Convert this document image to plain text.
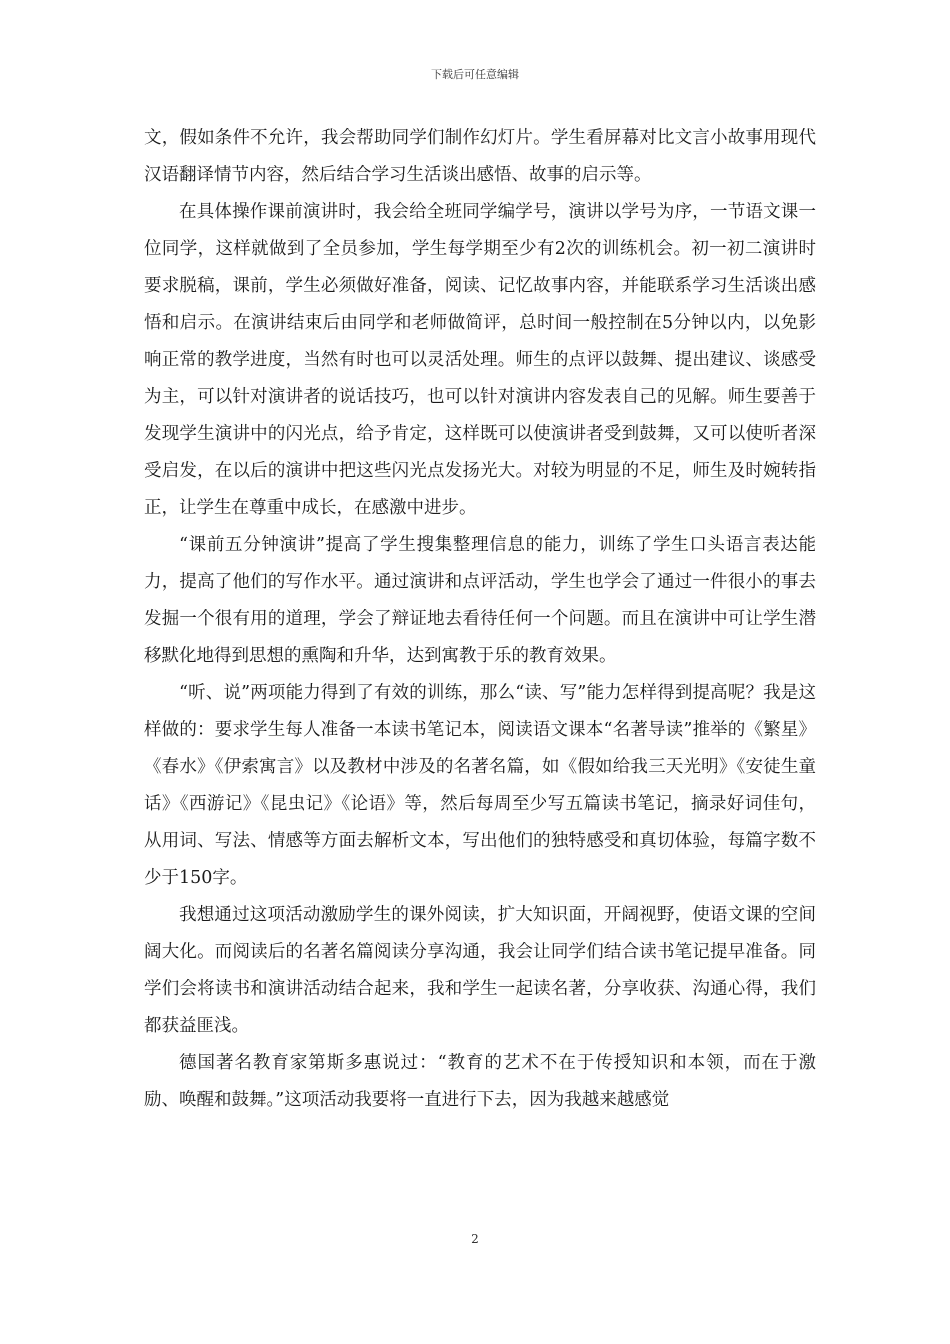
下载后可任意编辑

文，假如条件不允许，我会帮助同学们制作幻灯片。学生看屏幕对比文言小故事用现代汉语翻译情节内容，然后结合学习生活谈出感悟、故事的启示等。

在具体操作课前演讲时，我会给全班同学编学号，演讲以学号为序，一节语文课一位同学，这样就做到了全员参加，学生每学期至少有2次的训练机会。初一初二演讲时要求脱稿，课前，学生必须做好准备，阅读、记忆故事内容，并能联系学习生活谈出感悟和启示。在演讲结束后由同学和老师做简评，总时间一般控制在5分钟以内，以免影响正常的教学进度，当然有时也可以灵活处理。师生的点评以鼓舞、提出建议、谈感受为主，可以针对演讲者的说话技巧，也可以针对演讲内容发表自己的见解。师生要善于发现学生演讲中的闪光点，给予肯定，这样既可以使演讲者受到鼓舞，又可以使听者深受启发，在以后的演讲中把这些闪光点发扬光大。对较为明显的不足，师生及时婉转指正，让学生在尊重中成长，在感激中进步。

“课前五分钟演讲”提高了学生搜集整理信息的能力，训练了学生口头语言表达能力，提高了他们的写作水平。通过演讲和点评活动，学生也学会了通过一件很小的事去发掘一个很有用的道理，学会了辩证地去看待任何一个问题。而且在演讲中可让学生潜移默化地得到思想的熏陶和升华，达到寓教于乐的教育效果。

“听、说”两项能力得到了有效的训练，那么“读、写”能力怎样得到提高呢？我是这样做的：要求学生每人准备一本读书笔记本，阅读语文课本“名著导读”推举的《繁星》《春水》《伊索寓言》以及教材中涉及的名著名篇，如《假如给我三天光明》《安徒生童话》《西游记》《昆虫记》《论语》等，然后每周至少写五篇读书笔记，摘录好词佳句，从用词、写法、情感等方面去解析文本，写出他们的独特感受和真切体验，每篇字数不少于150字。

我想通过这项活动激励学生的课外阅读，扩大知识面，开阔视野，使语文课的空间阔大化。而阅读后的名著名篇阅读分享沟通，我会让同学们结合读书笔记提早准备。同学们会将读书和演讲活动结合起来，我和学生一起读名著，分享收获、沟通心得，我们都获益匪浅。

德国著名教育家第斯多惠说过：“教育的艺术不在于传授知识和本领，而在于激励、唤醒和鼓舞。”这项活动我要将一直进行下去，因为我越来越感觉

2
